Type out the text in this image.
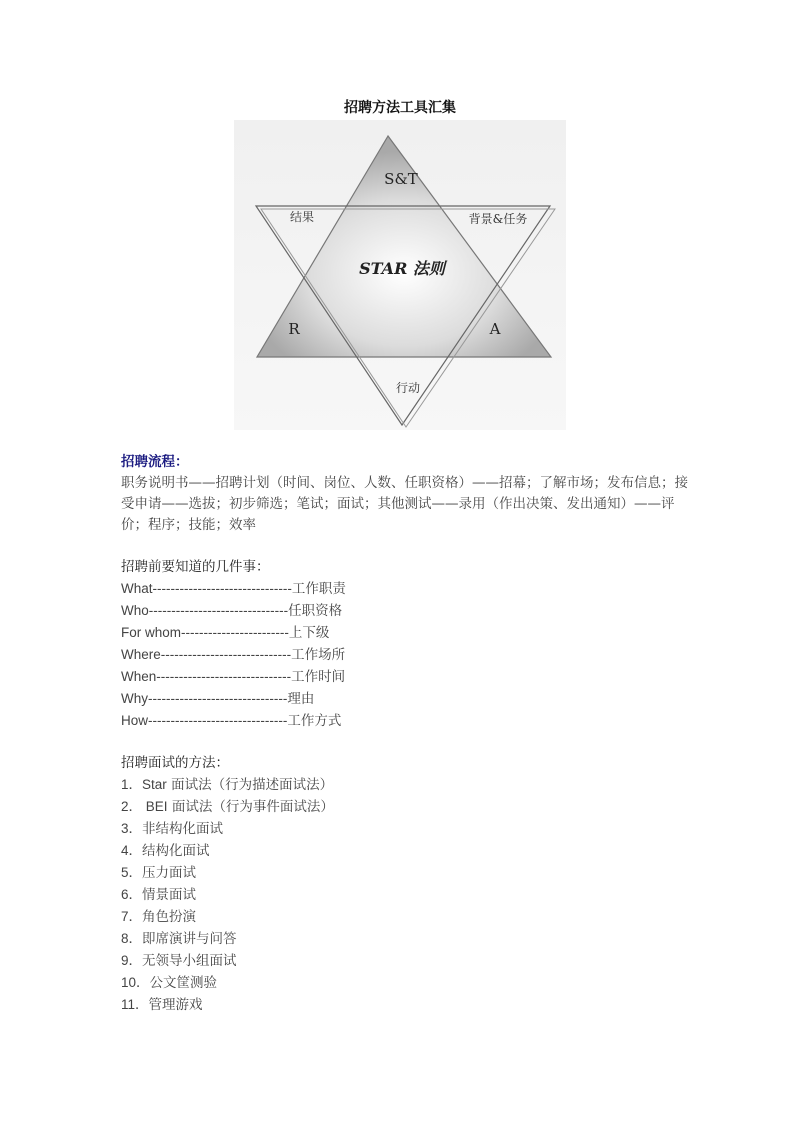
招聘方法工具汇集
S&T
结果	背景&任务
STAR 法则
R	A
行动
招聘流程：
职务说明书——招聘计划（时间、岗位、人数、任职资格）——招幕；了解市场；发布信息；接受申请——选拔；初步筛选；笔试；面试；其他测试——录用（作出决策、发出通知）——评价；程序；技能；效率
招聘前要知道的几件事：
What-------------------------------工作职责
Who-------------------------------任职资格
For whom------------------------上下级
Where-----------------------------工作场所
When------------------------------工作时间
Why-------------------------------理由
How-------------------------------工作方式
招聘面试的方法：
1．Star 面试法（行为描述面试法）
2． BEI 面试法（行为事件面试法）
3．非结构化面试
4．结构化面试
5．压力面试
6．情景面试
7．角色扮演
8．即席演讲与问答
9．无领导小组面试
10．公文筐测验
11．管理游戏
